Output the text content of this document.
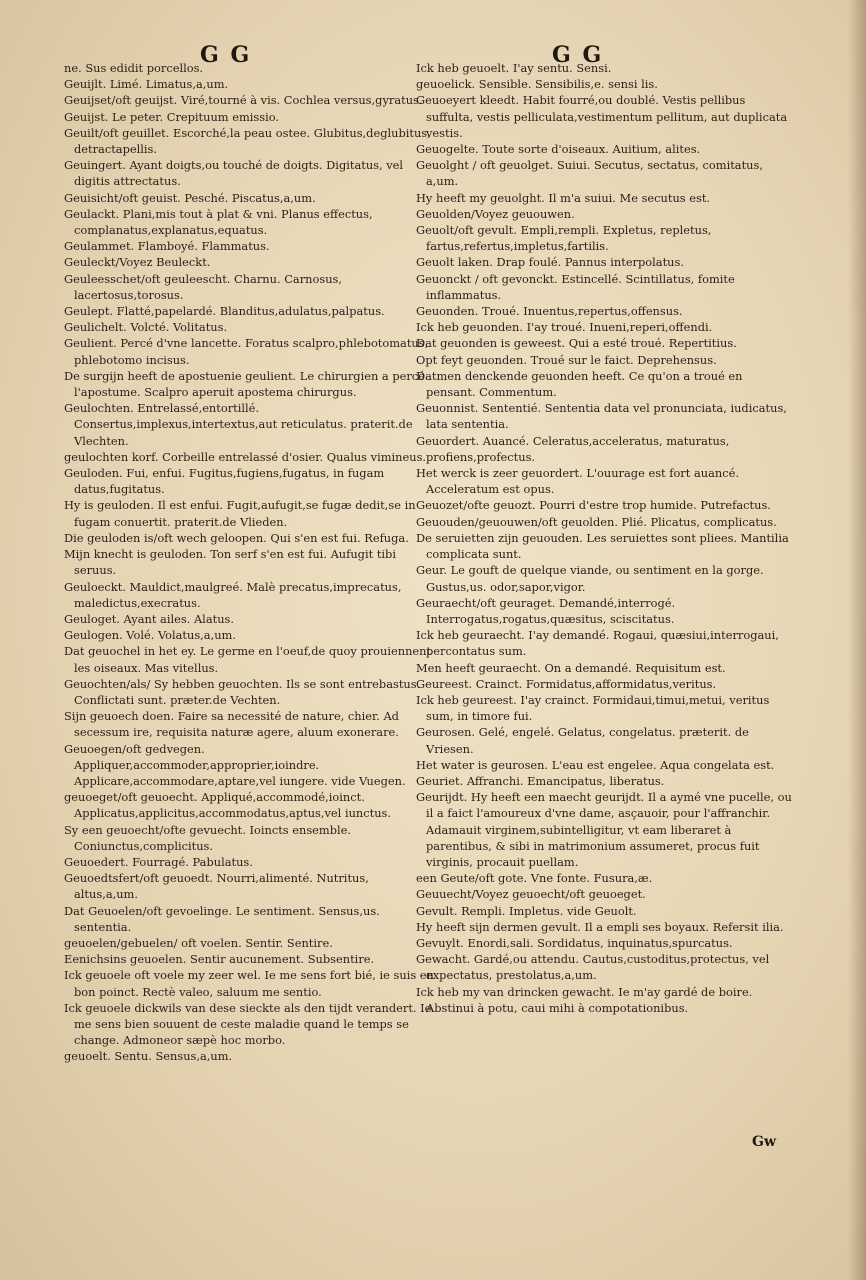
G G	G G

ne. Sus edidit porcellos.

Geuijlt. Limé. Limatus,a,um.

Geuijset/oft geuijst. Viré,tourné à vis. Cochlea versus,gyratus.

Geuijst. Le peter. Crepituum emissio.

Geuilt/oft geuillet. Escorché,la peau ostee. Glubitus,deglubitus, detractapellis.

Geuingert. Ayant doigts,ou touché de doigts. Digitatus, vel digitis attrectatus.

Geuisicht/oft geuist. Pesché. Piscatus,a,um.

Geulackt. Plani,mis tout à plat & vni. Planus effectus, complanatus,explanatus,equatus.

Geulammet. Flamboyé. Flammatus.

Geuleckt/Voyez Beuleckt.

Geuleesschet/oft geuleescht. Charnu. Carnosus, lacertosus,torosus.

Geulept. Flatté,papelardé. Blanditus,adulatus,palpatus.

Geulichelt. Volcté. Volitatus.

Geulient. Percé d'vne lancette. Foratus scalpro,phlebotomatus, phlebotomo incisus.

De surgijn heeft de apostuenie geulient. Le chirurgien a percé l'apostume. Scalpro aperuit apostema chirurgus.

Geulochten. Entrelassé,entortillé. Consertus,implexus,intertextus,aut reticulatus. praterit.de Vlechten.

geulochten korf. Corbeille entrelassé d'osier. Qualus vimineus.

Geuloden. Fui, enfui. Fugitus,fugiens,fugatus, in fugam datus,fugitatus.

Hy is geuloden. Il est enfui. Fugit,aufugit,se fugæ dedit,se in fugam conuertit. praterit.de Vlieden.

Die geuloden is/oft wech geloopen. Qui s'en est fui. Refuga.

Mijn knecht is geuloden. Ton serf s'en est fui. Aufugit tibi seruus.

Geuloeckt. Mauldict,maulgreé. Malè precatus,imprecatus, maledictus,execratus.

Geuloget. Ayant ailes. Alatus.

Geulogen. Volé. Volatus,a,um.

Dat geuochel in het ey. Le germe en l'oeuf,de quoy prouiennent les oiseaux. Mas vitellus.

Geuochten/als/ Sy hebben geuochten. Ils se sont entrebastus. Conflictati sunt. præter.de Vechten.

Sijn geuoech doen. Faire sa necessité de nature, chier. Ad secessum ire, requisita naturæ agere, aluum exonerare.

Geuoegen/oft gedvegen. Appliquer,accommoder,approprier,ioindre. Applicare,accommodare,aptare,vel iungere. vide Vuegen.

geuoeget/oft geuoecht. Appliqué,accommodé,ioinct. Applicatus,applicitus,accommodatus,aptus,vel iunctus.

Sy een geuoecht/ofte gevuecht. Ioincts ensemble. Coniunctus,complicitus.

Geuoedert. Fourragé. Pabulatus.

Geuoedtsfert/oft geuoedt. Nourri,alimenté. Nutritus, altus,a,um.

Dat Geuoelen/oft gevoelinge. Le sentiment. Sensus,us. sententia.

geuoelen/gebuelen/ oft voelen. Sentir. Sentire.

Eenichsins geuoelen. Sentir aucunement. Subsentire.

Ick geuoele oft voele my zeer wel. Ie me sens fort bié, ie suis en bon poinct. Rectè valeo, saluum me sentio.

Ick geuoele dickwils van dese sieckte als den tijdt verandert. Ie me sens bien souuent de ceste maladie quand le temps se change. Admoneor sæpè hoc morbo.

geuoelt. Sentu. Sensus,a,um.

Ick heb geuoelt. I'ay sentu. Sensi.

geuoelick. Sensible. Sensibilis,e. sensi lis.

Geuoeyert kleedt. Habit fourré,ou doublé. Vestis pellibus suffulta, vestis pelliculata,vestimentum pellitum, aut duplicata vestis.

Geuogelte. Toute sorte d'oiseaux. Auitium, alites.

Geuolght / oft geuolget. Suiui. Secutus, sectatus, comitatus, a,um.

Hy heeft my geuolght. Il m'a suiui. Me secutus est.

Geuolden/Voyez geuouwen.

Geuolt/oft gevult. Empli,rempli. Expletus, repletus, fartus,refertus,impletus,fartilis.

Geuolt laken. Drap foulé. Pannus interpolatus.

Geuonckt / oft gevonckt. Estincellé. Scintillatus, fomite inflammatus.

Geuonden. Troué. Inuentus,repertus,offensus.

Ick heb geuonden. I'ay troué. Inueni,reperi,offendi.

Dat geuonden is geweest. Qui a esté troué. Repertitius.

Opt feyt geuonden. Troué sur le faict. Deprehensus.

Datmen denckende geuonden heeft. Ce qu'on a troué en pensant. Commentum.

Geuonnist. Sententié. Sententia data vel pronunciata, iudicatus, lata sententia.

Geuordert. Auancé. Celeratus,acceleratus, maturatus, profiens,profectus.

Het werck is zeer geuordert. L'ouurage est fort auancé. Acceleratum est opus.

Geuozet/ofte geuozt. Pourri d'estre trop humide. Putrefactus.

Geuouden/geuouwen/oft geuolden. Plié. Plicatus, complicatus.

De seruietten zijn geuouden. Les seruiettes sont pliees. Mantilia complicata sunt.

Geur. Le gouft de quelque viande, ou sentiment en la gorge. Gustus,us. odor,sapor,vigor.

Geuraecht/oft geuraget. Demandé,interrogé. Interrogatus,rogatus,quæsitus, sciscitatus.

Ick heb geuraecht. I'ay demandé. Rogaui, quæsiui,interrogaui, percontatus sum.

Men heeft geuraecht. On a demandé. Requisitum est.

Geureest. Crainct. Formidatus,afformidatus,veritus.

Ick heb geureest. I'ay crainct. Formidaui,timui,metui, veritus sum, in timore fui.

Geurosen. Gelé, engelé. Gelatus, congelatus. præterit. de Vriesen.

Het water is geurosen. L'eau est engelee. Aqua congelata est.

Geuriet. Affranchi. Emancipatus, liberatus.

Geurijdt. Hy heeft een maecht geurijdt. Il a aymé vne pucelle, ou il a faict l'amoureux d'vne dame, asçauoir, pour l'affranchir. Adamauit virginem,subintelligitur, vt eam liberaret à parentibus, & sibi in matrimonium assumeret, procus fuit virginis, procauit puellam.

een Geute/oft gote. Vne fonte. Fusura,æ.

Geuuecht/Voyez geuoecht/oft geuoeget.

Gevult. Rempli. Impletus. vide Geuolt.

Hy heeft sijn dermen gevult. Il a empli ses boyaux. Refersit ilia.

Gevuylt. Enordi,sali. Sordidatus, inquinatus,spurcatus.

Gewacht. Gardé,ou attendu. Cautus,custoditus,protectus, vel expectatus, prestolatus,a,um.

Ick heb my van drincken gewacht. Ie m'ay gardé de boire. Abstinui à potu, caui mihi à compotationibus.

Gw
